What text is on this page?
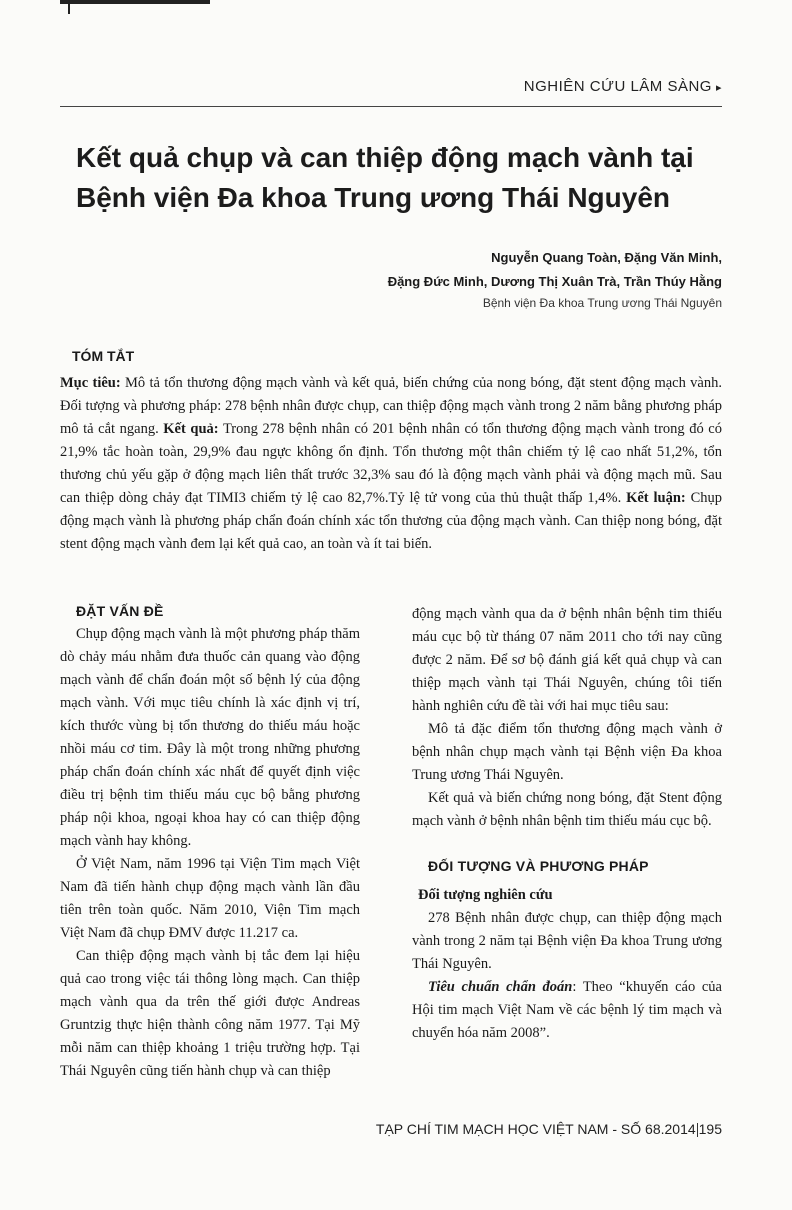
NGHIÊN CỨU LÂM SÀNG ▸
Kết quả chụp và can thiệp động mạch vành tại Bệnh viện Đa khoa Trung ương Thái Nguyên
Nguyễn Quang Toàn, Đặng Văn Minh,
Đặng Đức Minh, Dương Thị Xuân Trà, Trần Thúy Hằng
Bệnh viện Đa khoa Trung ương Thái Nguyên
TÓM TẮT

Mục tiêu: Mô tả tổn thương động mạch vành và kết quả, biến chứng của nong bóng, đặt stent động mạch vành. Đối tượng và phương pháp: 278 bệnh nhân được chụp, can thiệp động mạch vành trong 2 năm bằng phương pháp mô tả cắt ngang. Kết quả: Trong 278 bệnh nhân có 201 bệnh nhân có tổn thương động mạch vành trong đó có 21,9% tắc hoàn toàn, 29,9% đau ngực không ổn định. Tổn thương một thân chiếm tỷ lệ cao nhất 51,2%, tổn thương chủ yếu gặp ở động mạch liên thất trước 32,3% sau đó là động mạch vành phải và động mạch mũ. Sau can thiệp dòng chảy đạt TIMI3 chiếm tỷ lệ cao 82,7%.Tỷ lệ tử vong của thủ thuật thấp 1,4%. Kết luận: Chụp động mạch vành là phương pháp chẩn đoán chính xác tổn thương của động mạch vành. Can thiệp nong bóng, đặt stent động mạch vành đem lại kết quả cao, an toàn và ít tai biến.

ĐẶT VẤN ĐỀ

Chụp động mạch vành là một phương pháp thăm dò chảy máu nhằm đưa thuốc cản quang vào động mạch vành để chẩn đoán một số bệnh lý của động mạch vành. Với mục tiêu chính là xác định vị trí, kích thước vùng bị tổn thương do thiếu máu hoặc nhồi máu cơ tim. Đây là một trong những phương pháp chẩn đoán chính xác nhất để quyết định việc điều trị bệnh tim thiếu máu cục bộ bằng phương pháp nội khoa, ngoại khoa hay có can thiệp động mạch vành hay không.

Ở Việt Nam, năm 1996 tại Viện Tim mạch Việt Nam đã tiến hành chụp động mạch vành lần đầu tiên trên toàn quốc. Năm 2010, Viện Tim mạch Việt Nam đã chụp ĐMV được 11.217 ca.

Can thiệp động mạch vành bị tắc đem lại hiệu quả cao trong việc tái thông lòng mạch. Can thiệp mạch vành qua da trên thế giới được Andreas Gruntzig thực hiện thành công năm 1977. Tại Mỹ mỗi năm can thiệp khoảng 1 triệu trường hợp. Tại Thái Nguyên cũng tiến hành chụp và can thiệp

động mạch vành qua da ở bệnh nhân bệnh tim thiếu máu cục bộ từ tháng 07 năm 2011 cho tới nay cũng được 2 năm. Để sơ bộ đánh giá kết quả chụp và can thiệp mạch vành tại Thái Nguyên, chúng tôi tiến hành nghiên cứu đề tài với hai mục tiêu sau:

Mô tả đặc điểm tổn thương động mạch vành ở bệnh nhân chụp mạch vành tại Bệnh viện Đa khoa Trung ương Thái Nguyên.

Kết quả và biến chứng nong bóng, đặt Stent động mạch vành ở bệnh nhân bệnh tim thiếu máu cục bộ.

ĐỐI TƯỢNG VÀ PHƯƠNG PHÁP

Đối tượng nghiên cứu

278 Bệnh nhân được chụp, can thiệp động mạch vành trong 2 năm tại Bệnh viện Đa khoa Trung ương Thái Nguyên.

Tiêu chuẩn chẩn đoán: Theo “khuyến cáo của Hội tim mạch Việt Nam về các bệnh lý tim mạch và chuyển hóa năm 2008”.

TẠP CHÍ TIM MẠCH HỌC VIỆT NAM - SỐ 68.2014 195
